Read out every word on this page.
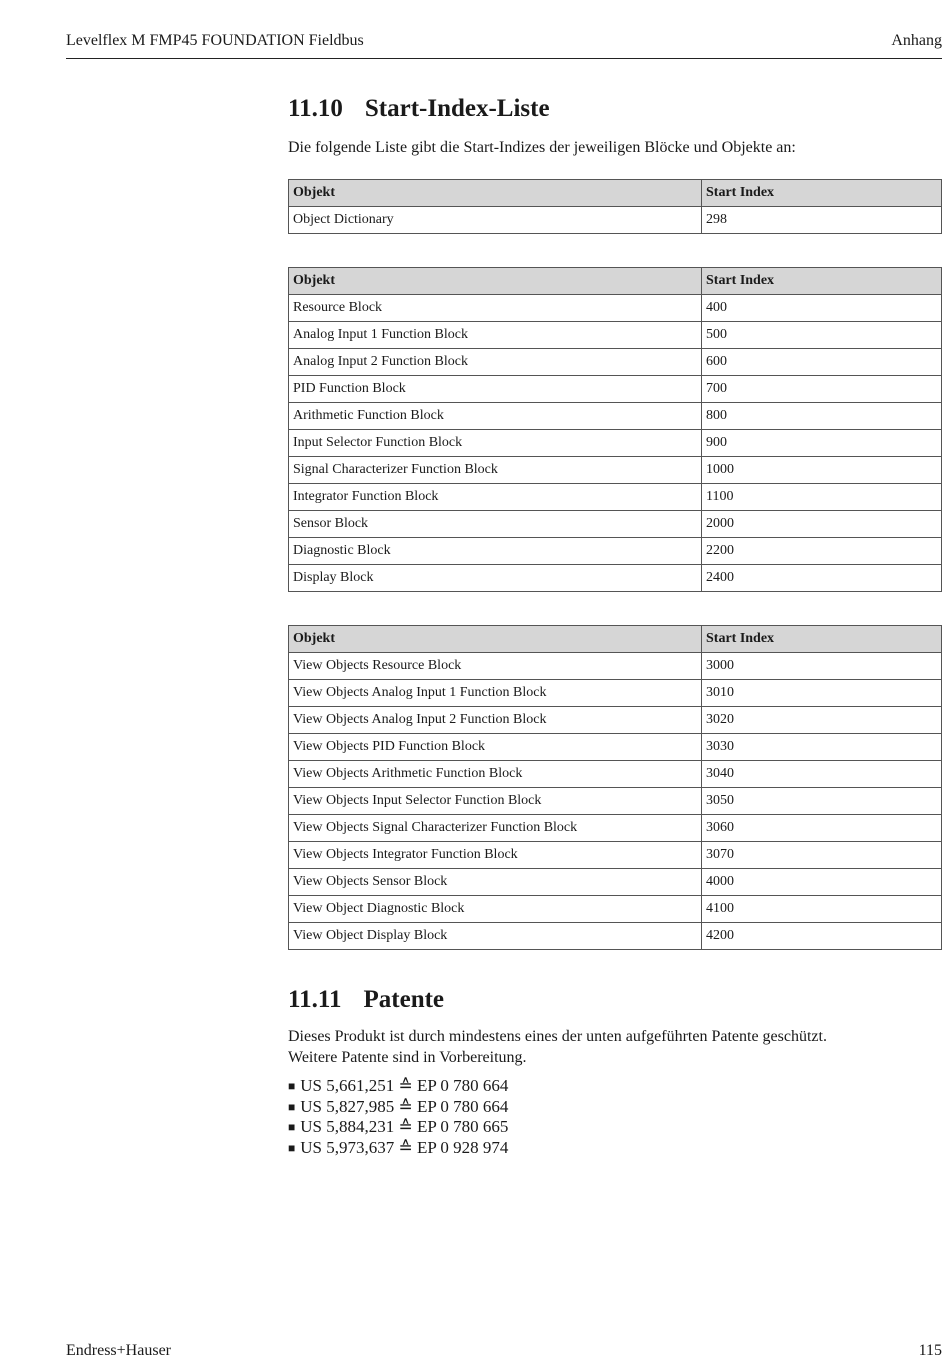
Levelflex M FMP45 FOUNDATION Fieldbus	Anhang
11.10 Start-Index-Liste

Die folgende Liste gibt die Start-Indizes der jeweiligen Blöcke und Objekte an:

Objekt	Start Index
Object Dictionary	298
Objekt	Start Index
Resource Block	400
Analog Input 1 Function Block	500
Analog Input 2 Function Block	600
PID Function Block	700
Arithmetic Function Block	800
Input Selector Function Block	900
Signal Characterizer Function Block	1000
Integrator Function Block	1100
Sensor Block	2000
Diagnostic Block	2200
Display Block	2400
Objekt	Start Index
View Objects Resource Block	3000
View Objects Analog Input 1 Function Block	3010
View Objects Analog Input 2 Function Block	3020
View Objects PID Function Block	3030
View Objects Arithmetic Function Block	3040
View Objects Input Selector Function Block	3050
View Objects Signal Characterizer Function Block	3060
View Objects Integrator Function Block	3070
View Objects Sensor Block	4000
View Object Diagnostic Block	4100
View Object Display Block	4200
11.11 Patente

Dieses Produkt ist durch mindestens eines der unten aufgeführten Patente geschützt.

Weitere Patente sind in Vorbereitung.

■ US 5,661,251 ≙ EP 0 780 664
■ US 5,827,985 ≙ EP 0 780 664
■ US 5,884,231 ≙ EP 0 780 665
■ US 5,973,637 ≙ EP 0 928 974
Endress+Hauser	115
